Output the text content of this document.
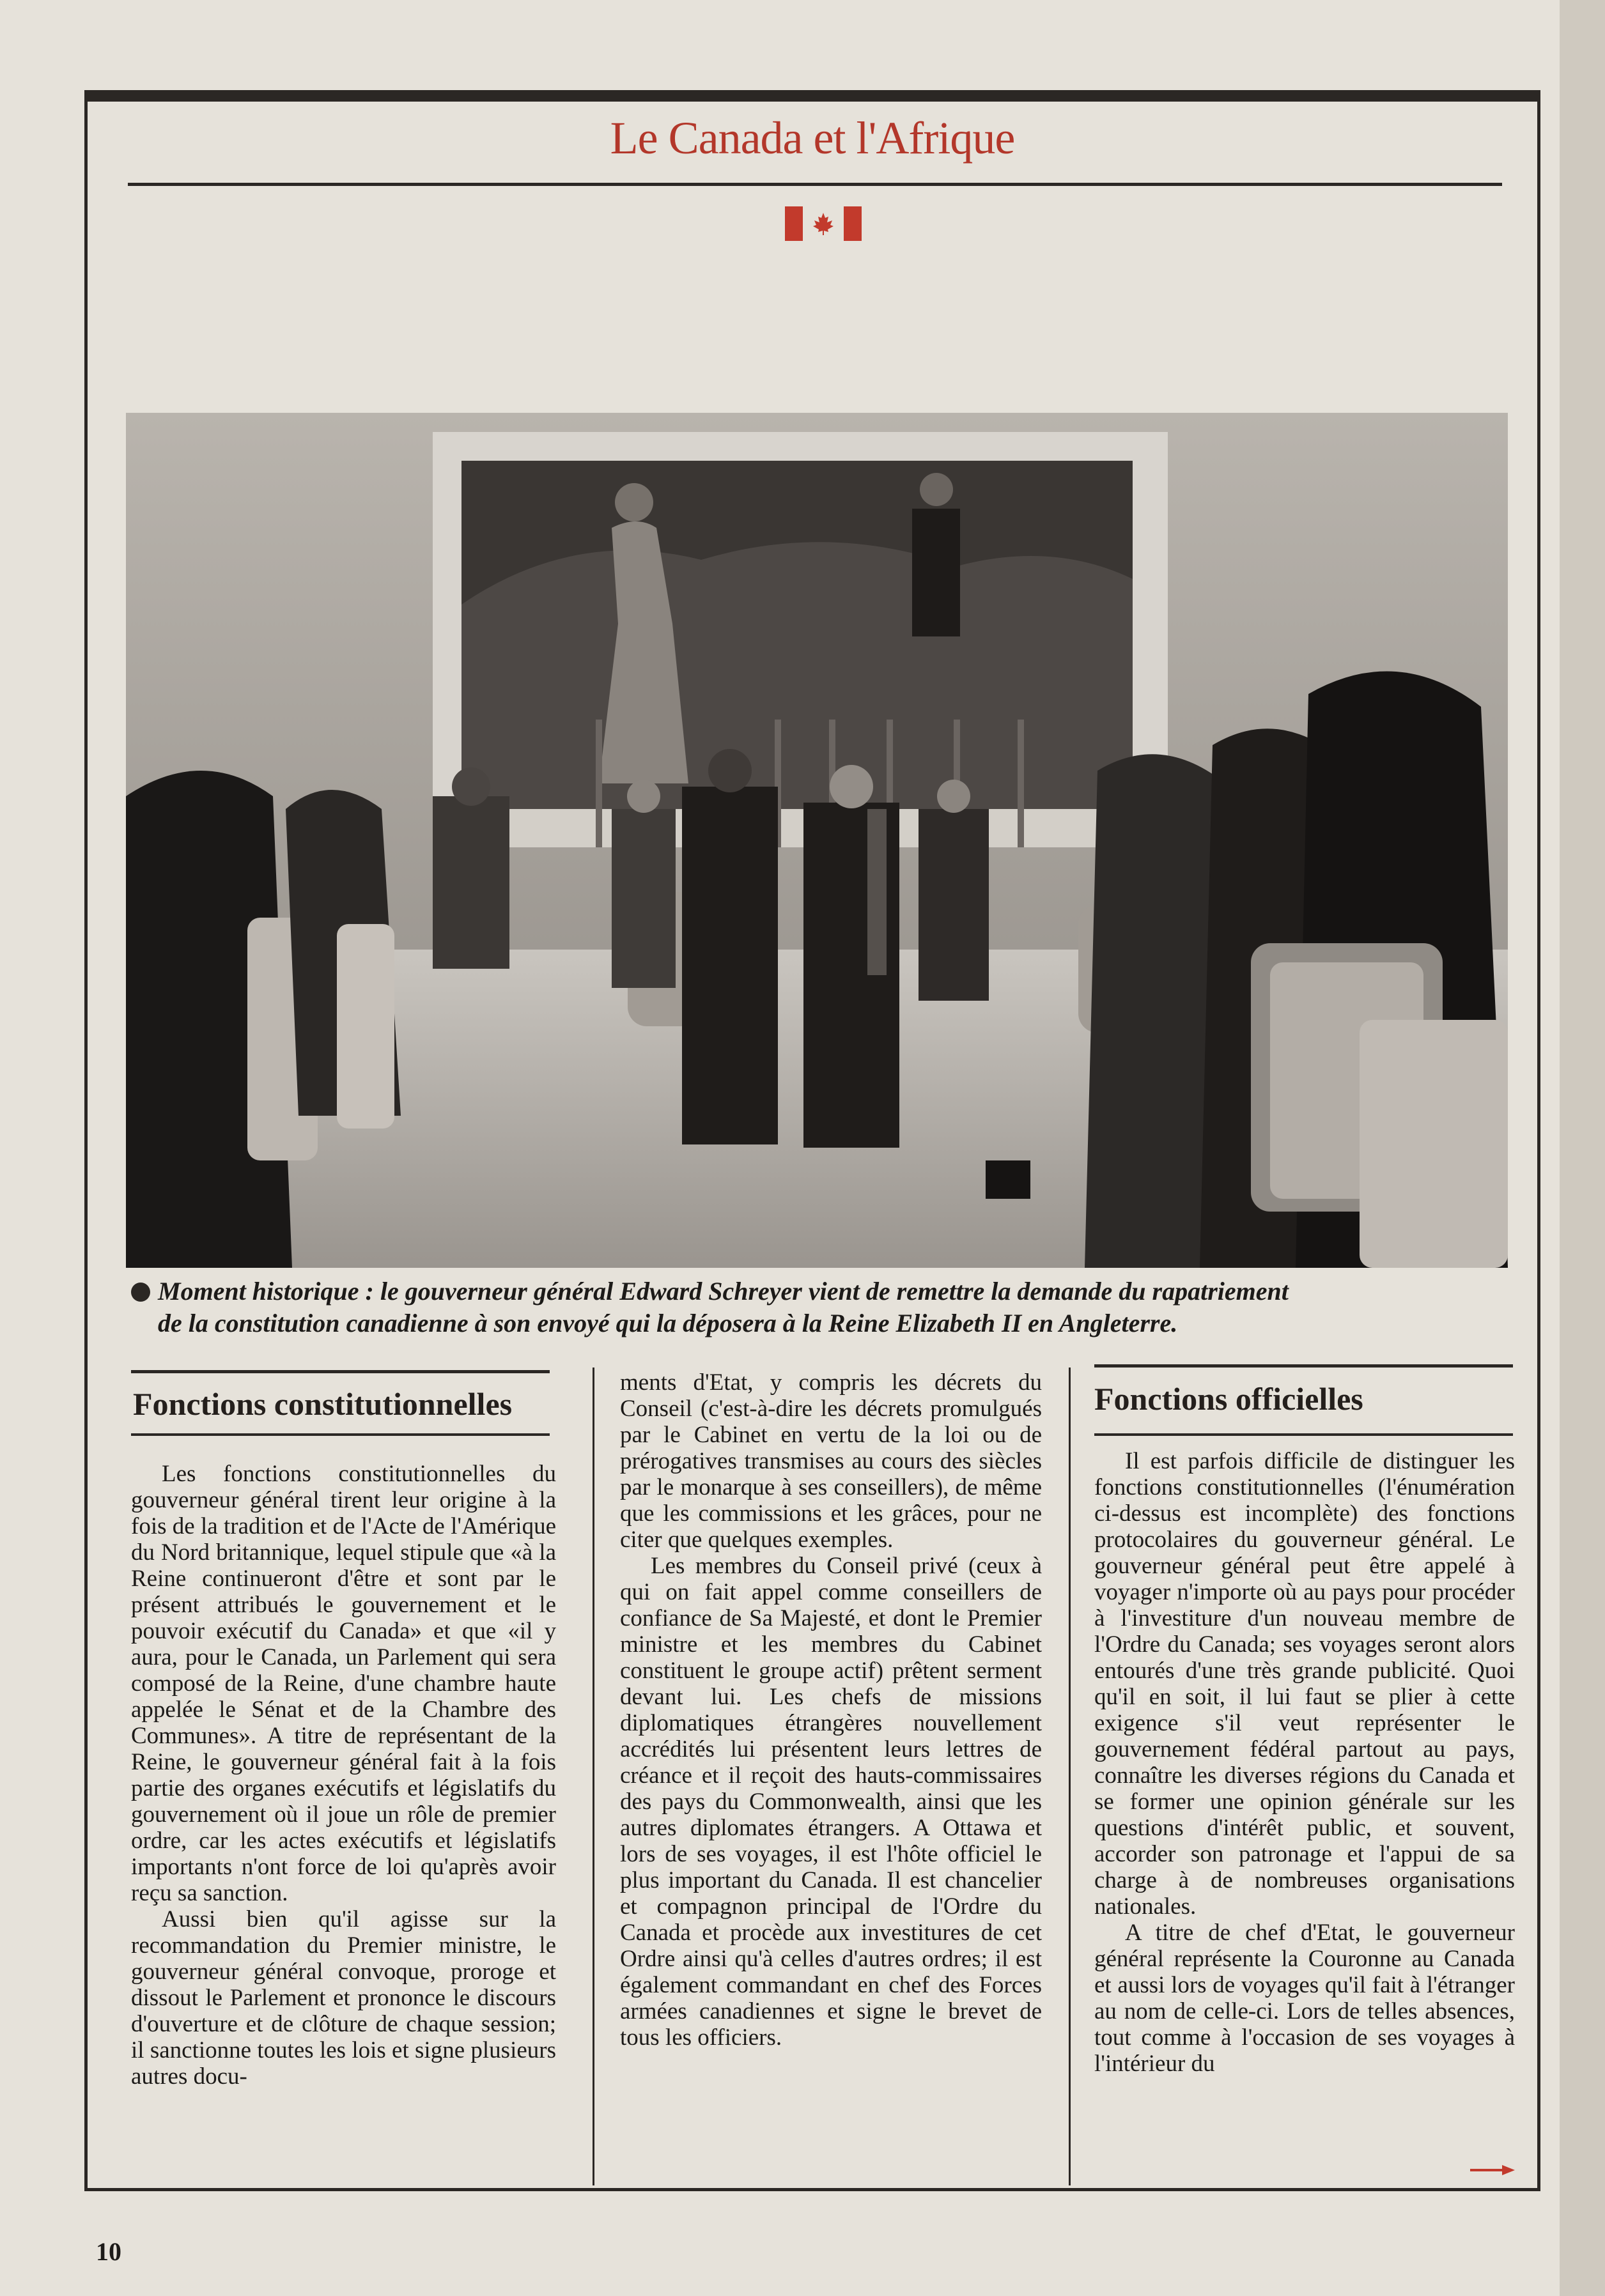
Le Canada et l'Afrique
Moment historique : le gouverneur général Edward Schreyer vient de remettre la demande du rapatriement
de la constitution canadienne à son envoyé qui la déposera à la Reine Elizabeth II en Angleterre.
Fonctions constitutionnelles

Les fonctions constitutionnelles du gouverneur général tirent leur origine à la fois de la tradition et de l'Acte de l'Amérique du Nord britannique, lequel stipule que «à la Reine continueront d'être et sont par le présent attribués le gouvernement et le pouvoir exécutif du Canada» et que «il y aura, pour le Canada, un Parlement qui sera composé de la Reine, d'une chambre haute appelée le Sénat et de la Chambre des Communes». A titre de représentant de la Reine, le gouverneur général fait à la fois partie des organes exécutifs et législatifs du gouvernement où il joue un rôle de premier ordre, car les actes exécutifs et législatifs importants n'ont force de loi qu'après avoir reçu sa sanction.

Aussi bien qu'il agisse sur la recommandation du Premier ministre, le gouverneur général convoque, proroge et dissout le Parlement et prononce le discours d'ouverture et de clôture de chaque session; il sanctionne toutes les lois et signe plusieurs autres docu-

ments d'Etat, y compris les décrets du Conseil (c'est-à-dire les décrets promulgués par le Cabinet en vertu de la loi ou de prérogatives transmises au cours des siècles par le monarque à ses conseillers), de même que les commissions et les grâces, pour ne citer que quelques exemples.

Les membres du Conseil privé (ceux à qui on fait appel comme conseillers de confiance de Sa Majesté, et dont le Premier ministre et les membres du Cabinet constituent le groupe actif) prêtent serment devant lui. Les chefs de missions diplomatiques étrangères nouvellement accrédités lui présentent leurs lettres de créance et il reçoit des hauts-commissaires des pays du Commonwealth, ainsi que les autres diplomates étrangers. A Ottawa et lors de ses voyages, il est l'hôte officiel le plus important du Canada. Il est chancelier et compagnon principal de l'Ordre du Canada et procède aux investitures de cet Ordre ainsi qu'à celles d'autres ordres; il est également commandant en chef des Forces armées canadiennes et signe le brevet de tous les officiers.

Fonctions officielles

Il est parfois difficile de distinguer les fonctions constitutionnelles (l'énumération ci-dessus est incomplète) des fonctions protocolaires du gouverneur général. Le gouverneur général peut être appelé à voyager n'importe où au pays pour procéder à l'investiture d'un nouveau membre de l'Ordre du Canada; ses voyages seront alors entourés d'une très grande publicité. Quoi qu'il en soit, il lui faut se plier à cette exigence s'il veut représenter le gouvernement fédéral partout au pays, connaître les diverses régions du Canada et se former une opinion générale sur les questions d'intérêt public, et souvent, accorder son patronage et l'appui de sa charge à de nombreuses organisations nationales.

A titre de chef d'Etat, le gouverneur général représente la Couronne au Canada et aussi lors de voyages qu'il fait à l'étranger au nom de celle-ci. Lors de telles absences, tout comme à l'occasion de ses voyages à l'intérieur du

10
